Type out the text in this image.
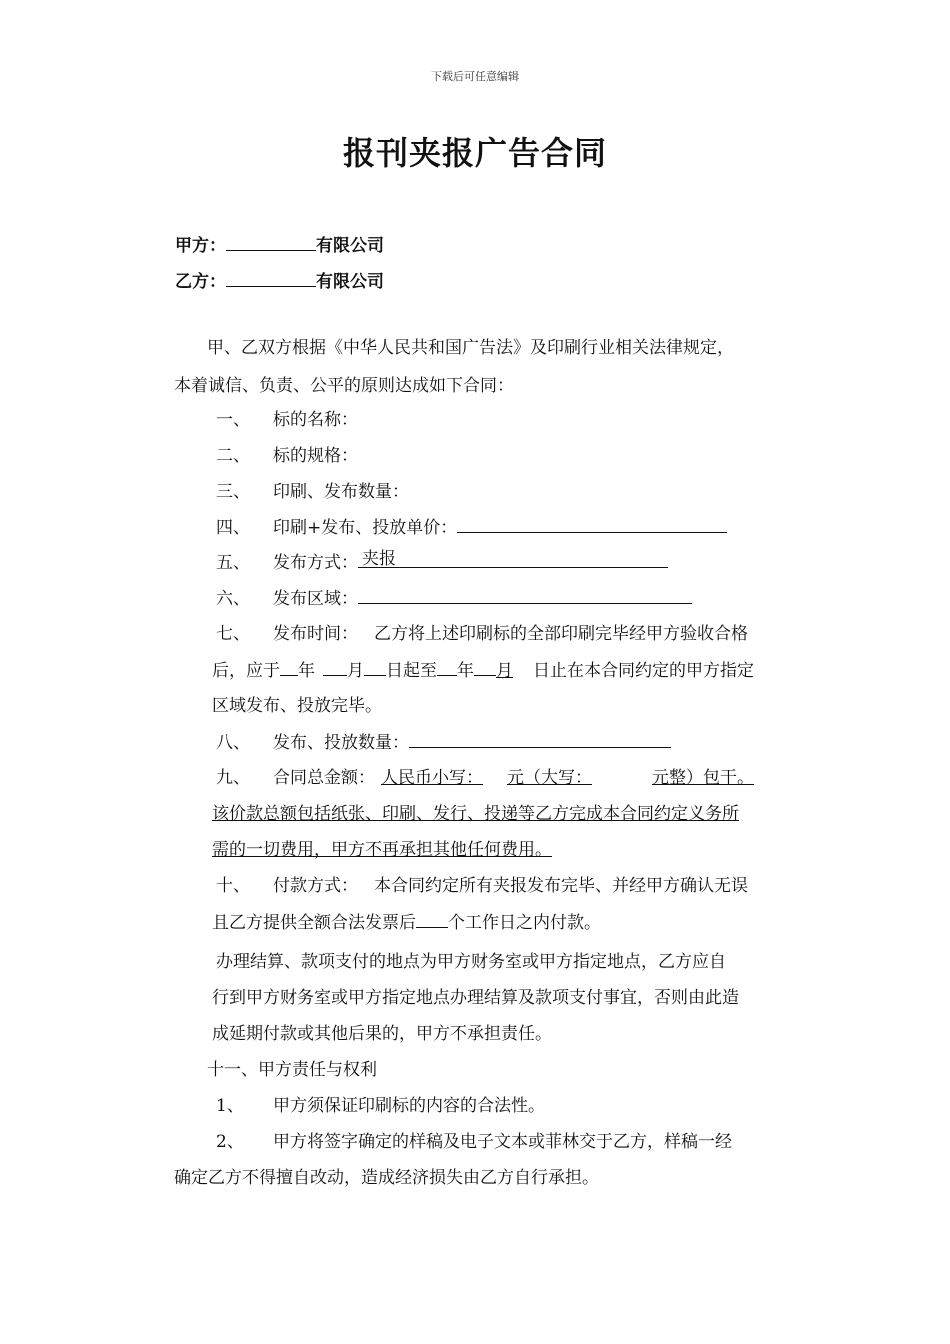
下载后可任意编辑
报刊夹报广告合同
甲方：	有限公司
乙方：	有限公司
甲、乙双方根据《中华人民共和国广告法》及印刷行业相关法律规定，
本着诚信、负责、公平的原则达成如下合同：
一、 标的名称：
二、 标的规格：
三、 印刷、发布数量：
四、 印刷+发布、投放单价：
五、 发布方式： 夹报
六、 发布区域：
七、 发布时间： 乙方将上述印刷标的全部印刷完毕经甲方验收合格
后，应于 年 月 日起至 年 月 日止在本合同约定的甲方指定
区域发布、投放完毕。
八、 发布、投放数量：
九、 合同总金额： 人民币小写： 元（大写：	元整）包干。
该价款总额包括纸张、印刷、发行、投递等乙方完成本合同约定义务所
需的一切费用，甲方不再承担其他任何费用。
十、 付款方式： 本合同约定所有夹报发布完毕、并经甲方确认无误
且乙方提供全额合法发票后 个工作日之内付款。
办理结算、款项支付的地点为甲方财务室或甲方指定地点，乙方应自
行到甲方财务室或甲方指定地点办理结算及款项支付事宜，否则由此造
成延期付款或其他后果的，甲方不承担责任。
十一、甲方责任与权利
1、 甲方须保证印刷标的内容的合法性。
2、 甲方将签字确定的样稿及电子文本或菲林交于乙方，样稿一经
确定乙方不得擅自改动，造成经济损失由乙方自行承担。
